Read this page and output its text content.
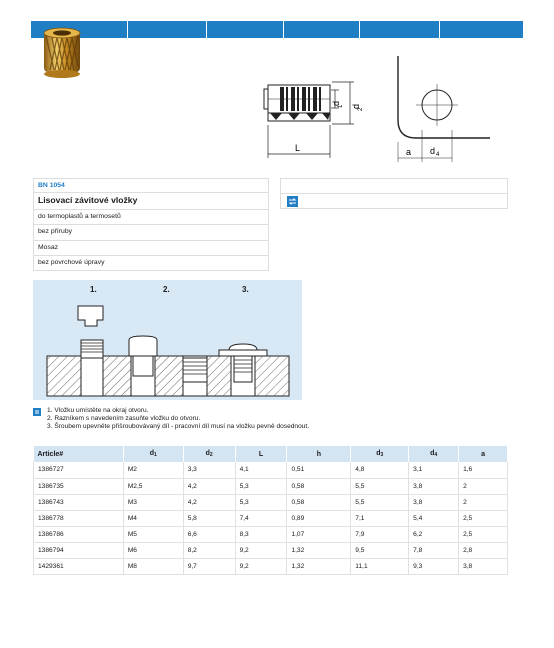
d
1 d
2
L	a d 4
BN 1054
Lisovací závitové vložky
do termoplastů a termosetů
bez příruby
Mosaz
bez povrchové úpravy
1.	2.	3.
1. Vložku umístěte na okraj otvoru.
2. Razníkem s navedením zasuňte vložku do otvoru.
3. Šroubem upevněte přišroubovávaný díl - pracovní díl musí na vložku pevně dosednout.
Article#	$d_1$	$d_2$	L	h	$d_3$	$d_4$	a
1386727	M2	3,3	4,1	0,51	4,8	3,1	1,6
1386735	M2,5	4,2	5,3	0,58	5,5	3,8	2
1386743	M3	4,2	5,3	0,58	5,5	3,8	2
1386778	M4	5,8	7,4	0,89	7,1	5,4	2,5
1386786	M5	6,6	8,3	1,07	7,9	6,2	2,5
1386794	M6	8,2	9,2	1,32	9,5	7,8	2,8
1429361	M8	9,7	9,2	1,32	11,1	9,3	3,8
